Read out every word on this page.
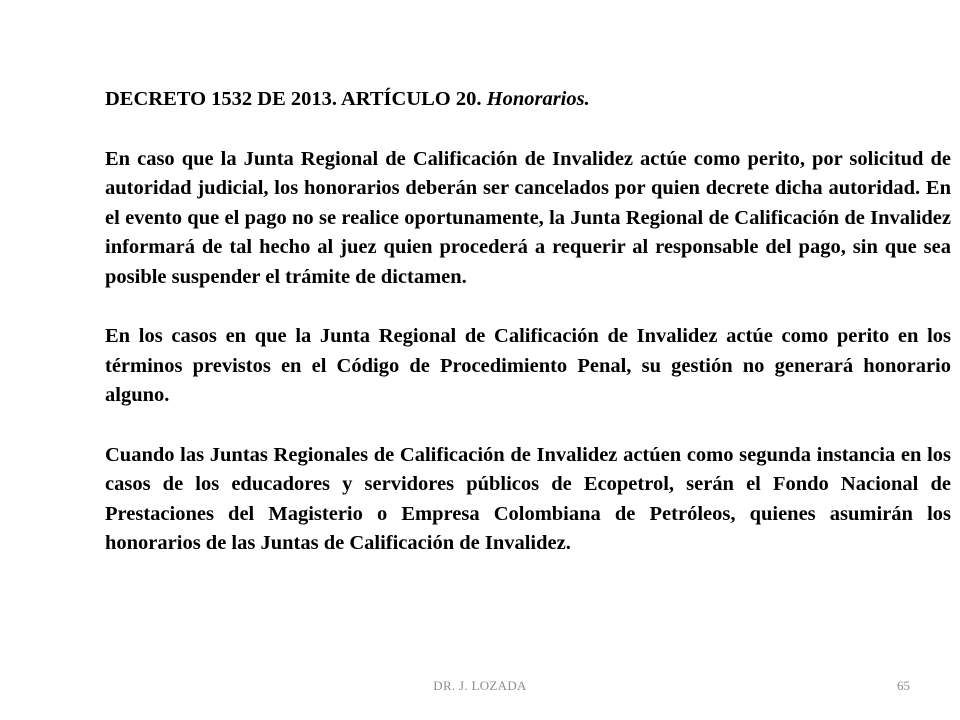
DECRETO 1532 DE 2013. ARTÍCULO 20. Honorarios.

En caso que la Junta Regional de Calificación de Invalidez actúe como perito, por solicitud de autoridad judicial, los honorarios deberán ser cancelados por quien decrete dicha autoridad. En el evento que el pago no se realice oportunamente, la Junta Regional de Calificación de Invalidez informará de tal hecho al juez quien procederá a requerir al responsable del pago, sin que sea posible suspender el trámite de dictamen.

En los casos en que la Junta Regional de Calificación de Invalidez actúe como perito en los términos previstos en el Código de Procedimiento Penal, su gestión no generará honorario alguno.

Cuando las Juntas Regionales de Calificación de Invalidez actúen como segunda instancia en los casos de los educadores y servidores públicos de Ecopetrol, serán el Fondo Nacional de Prestaciones del Magisterio o Empresa Colombiana de Petróleos, quienes asumirán los honorarios de las Juntas de Calificación de Invalidez.

DR. J. LOZADA	65
